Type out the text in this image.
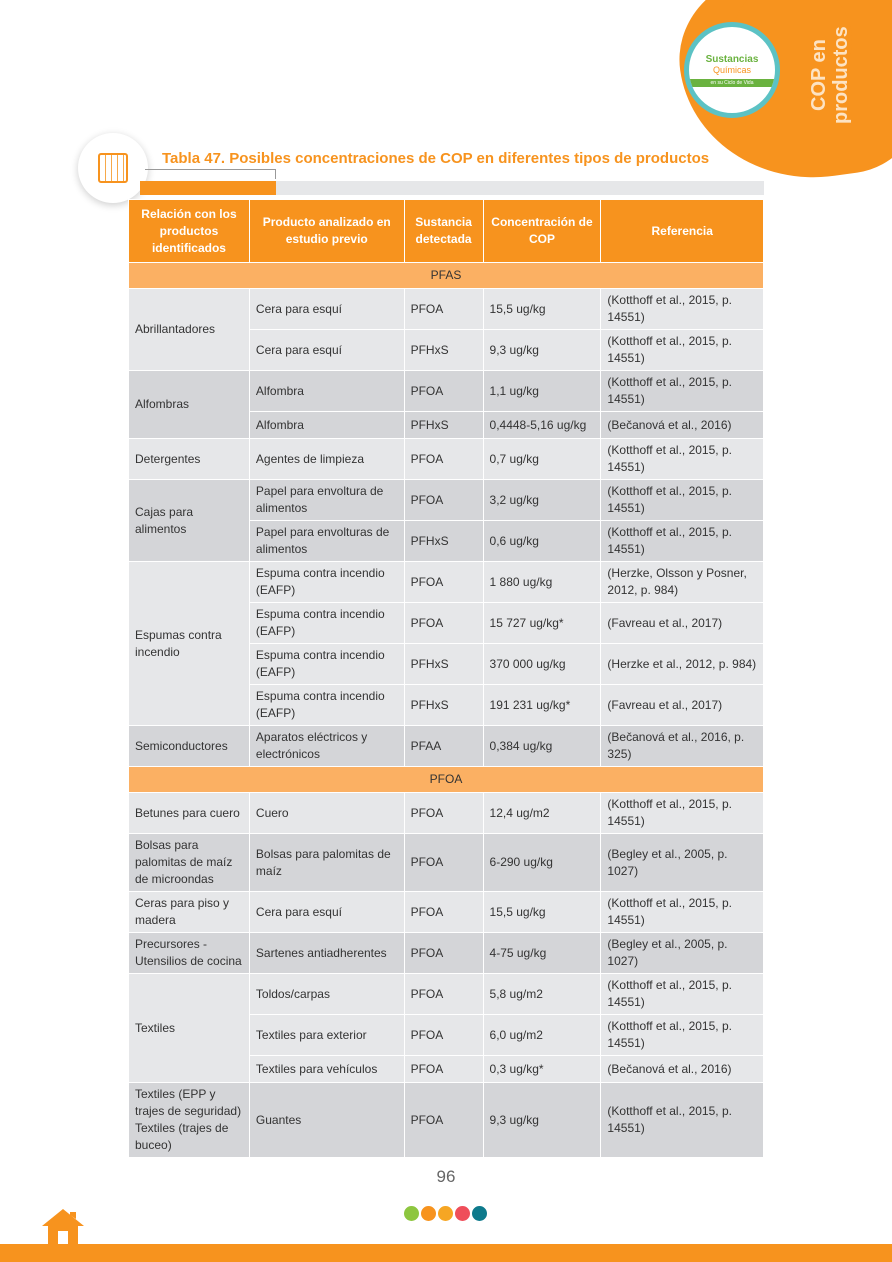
Sustancias
Químicas
en su Ciclo de Vida	COP en productos
Tabla 47. Posibles concentraciones de COP en diferentes tipos de productos
Relación con los productos identificados	Producto analizado en estudio previo	Sustancia detectada	Concentración de COP	Referencia
PFAS				
Abrillantadores	Cera para esquí	PFOA	15,5 ug/kg	(Kotthoff et al., 2015, p. 14551)
	Cera para esquí	PFHxS	9,3 ug/kg	(Kotthoff et al., 2015, p. 14551)
Alfombras	Alfombra	PFOA	1,1 ug/kg	(Kotthoff et al., 2015, p. 14551)
	Alfombra	PFHxS	0,4448-5,16 ug/kg	(Bečanová et al., 2016)
Detergentes	Agentes de limpieza	PFOA	0,7 ug/kg	(Kotthoff et al., 2015, p. 14551)
Cajas para alimentos	Papel para envoltura de alimentos	PFOA	3,2 ug/kg	(Kotthoff et al., 2015, p. 14551)
	Papel para envolturas de alimentos	PFHxS	0,6 ug/kg	(Kotthoff et al., 2015, p. 14551)
Espumas contra incendio	Espuma contra incendio (EAFP)	PFOA	1 880 ug/kg	(Herzke, Olsson y Posner, 2012, p. 984)
	Espuma contra incendio (EAFP)	PFOA	15 727 ug/kg*	(Favreau et al., 2017)
	Espuma contra incendio (EAFP)	PFHxS	370 000 ug/kg	(Herzke et al., 2012, p. 984)
	Espuma contra incendio (EAFP)	PFHxS	191 231 ug/kg*	(Favreau et al., 2017)
Semiconductores	Aparatos eléctricos y electrónicos	PFAA	0,384 ug/kg	(Bečanová et al., 2016, p. 325)
PFOA				
Betunes para cuero	Cuero	PFOA	12,4 ug/m2	(Kotthoff et al., 2015, p. 14551)
Bolsas para palomitas de maíz de microondas	Bolsas para palomitas de maíz	PFOA	6-290 ug/kg	(Begley et al., 2005, p. 1027)
Ceras para piso y madera	Cera para esquí	PFOA	15,5 ug/kg	(Kotthoff et al., 2015, p. 14551)
Precursores -Utensilios de cocina	Sartenes antiadherentes	PFOA	4-75 ug/kg	(Begley et al., 2005, p. 1027)
Textiles	Toldos/carpas	PFOA	5,8 ug/m2	(Kotthoff et al., 2015, p. 14551)
	Textiles para exterior	PFOA	6,0 ug/m2	(Kotthoff et al., 2015, p. 14551)
	Textiles para vehículos	PFOA	0,3 ug/kg*	(Bečanová et al., 2016)
Textiles (EPP y trajes de seguridad) Textiles (trajes de buceo)	Guantes	PFOA	9,3 ug/kg	(Kotthoff et al., 2015, p. 14551)
96
